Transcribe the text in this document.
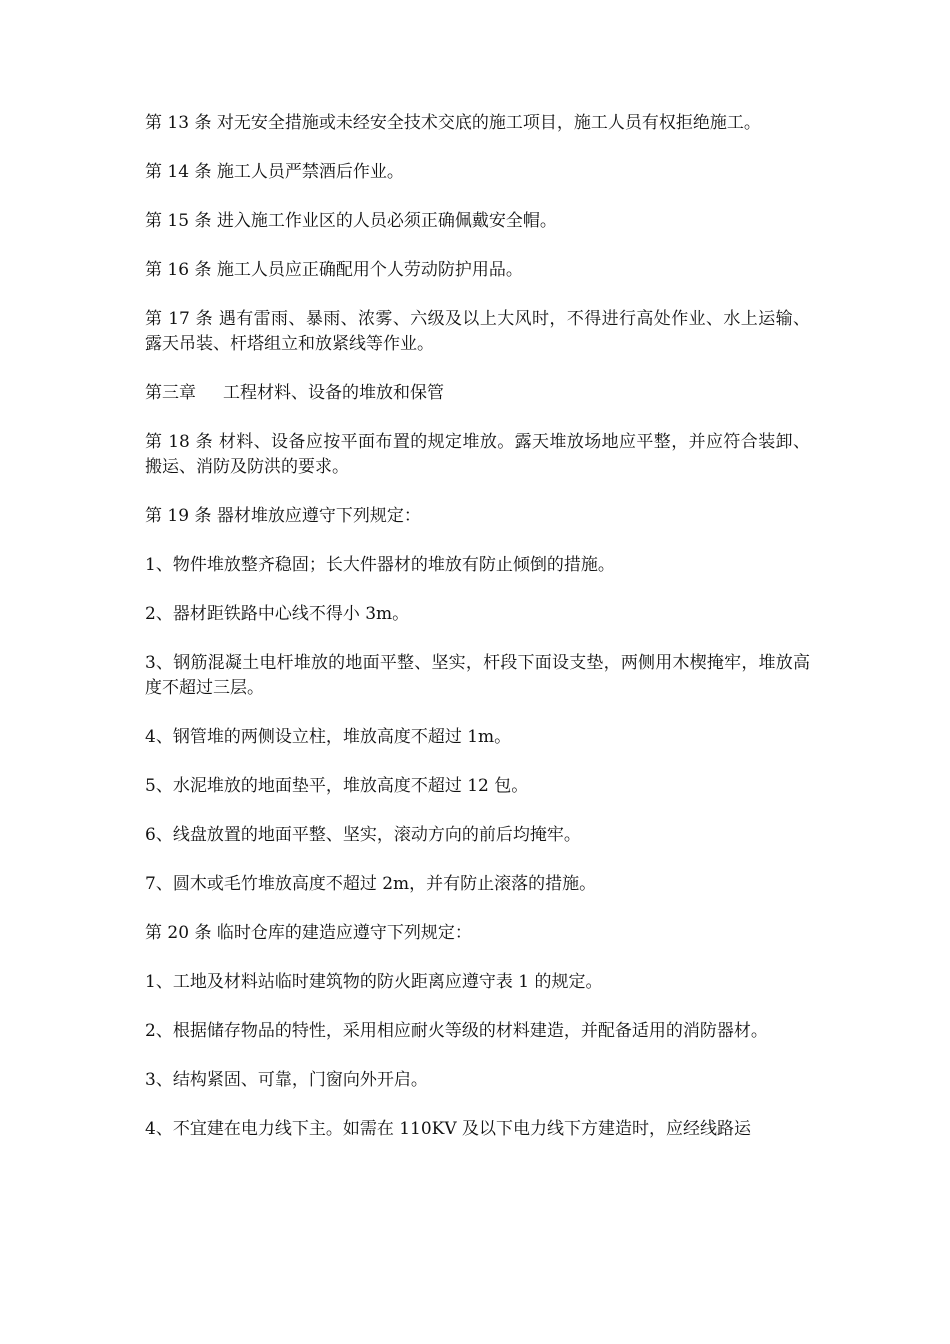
第 13 条 对无安全措施或未经安全技术交底的施工项目，施工人员有权拒绝施工。

第 14 条 施工人员严禁酒后作业。

第 15 条 进入施工作业区的人员必须正确佩戴安全帽。

第 16 条 施工人员应正确配用个人劳动防护用品。

第 17 条 遇有雷雨、暴雨、浓雾、六级及以上大风时，不得进行高处作业、水上运输、露天吊装、杆塔组立和放紧线等作业。

第三章     工程材料、设备的堆放和保管

第 18 条 材料、设备应按平面布置的规定堆放。露天堆放场地应平整，并应符合装卸、搬运、消防及防洪的要求。

第 19 条 器材堆放应遵守下列规定：

1、物件堆放整齐稳固；长大件器材的堆放有防止倾倒的措施。

2、器材距铁路中心线不得小 3m。

3、钢筋混凝土电杆堆放的地面平整、坚实，杆段下面设支垫，两侧用木楔掩牢，堆放高度不超过三层。

4、钢管堆的两侧设立柱，堆放高度不超过 1m。

5、水泥堆放的地面垫平，堆放高度不超过 12 包。

6、线盘放置的地面平整、坚实，滚动方向的前后均掩牢。

7、圆木或毛竹堆放高度不超过 2m，并有防止滚落的措施。

第 20 条 临时仓库的建造应遵守下列规定：

1、工地及材料站临时建筑物的防火距离应遵守表 1 的规定。

2、根据储存物品的特性，采用相应耐火等级的材料建造，并配备适用的消防器材。

3、结构紧固、可靠，门窗向外开启。

4、不宜建在电力线下主。如需在 110KV 及以下电力线下方建造时，应经线路运
